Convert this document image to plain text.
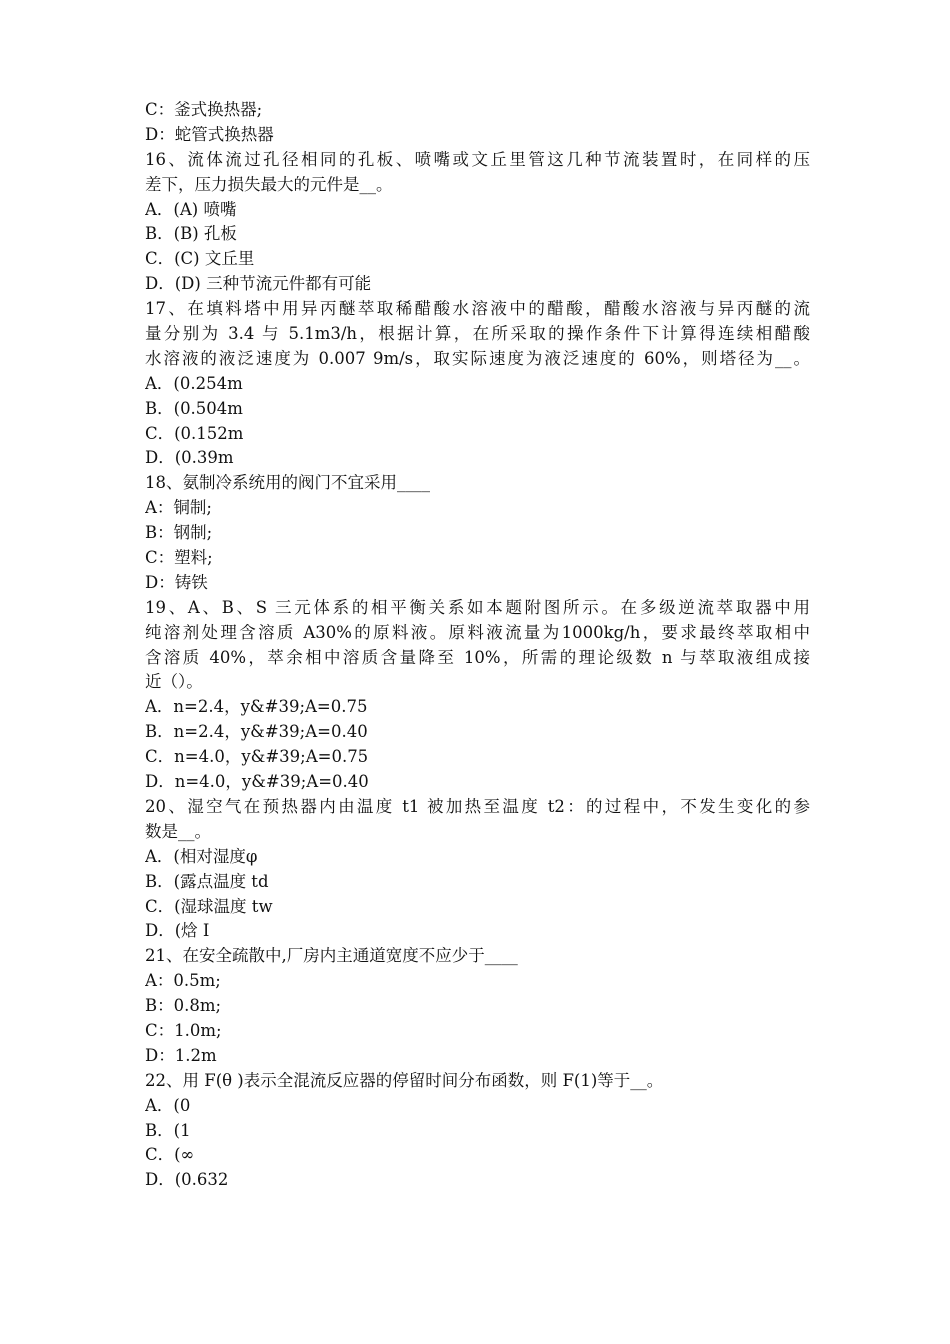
C：釜式换热器;
D：蛇管式换热器
16、流体流过孔径相同的孔板、喷嘴或文丘里管这几种节流装置时，在同样的压
差下，压力损失最大的元件是__。
A．(A) 喷嘴
B．(B) 孔板
C．(C) 文丘里
D．(D) 三种节流元件都有可能
17、在填料塔中用异丙醚萃取稀醋酸水溶液中的醋酸，醋酸水溶液与异丙醚的流
量分别为 3.4 与 5.1m3/h，根据计算，在所采取的操作条件下计算得连续相醋酸
水溶液的液泛速度为 0.007 9m/s，取实际速度为液泛速度的 60%，则塔径为__。
A．(0.254m
B．(0.504m
C．(0.152m
D．(0.39m
18、氨制冷系统用的阀门不宜采用____
A：铜制;
B：钢制;
C：塑料;
D：铸铁
19、A、B、S 三元体系的相平衡关系如本题附图所示。在多级逆流萃取器中用
纯溶剂处理含溶质 A30%的原料液。原料液流量为1000kg/h，要求最终萃取相中
含溶质 40%，萃余相中溶质含量降至 10%，所需的理论级数 n 与萃取液组成接
近（）。
A．n=2.4，y&#39;A=0.75
B．n=2.4，y&#39;A=0.40
C．n=4.0，y&#39;A=0.75
D．n=4.0，y&#39;A=0.40
20、湿空气在预热器内由温度 t1 被加热至温度 t2：的过程中，不发生变化的参
数是__。
A．(相对湿度φ
B．(露点温度 td
C．(湿球温度 tw
D．(焓 I
21、在安全疏散中,厂房内主通道宽度不应少于____
A：0.5m;
B：0.8m;
C：1.0m;
D：1.2m
22、用 F(θ )表示全混流反应器的停留时间分布函数，则 F(1)等于__。
A．(0
B．(1
C．(∞
D．(0.632
